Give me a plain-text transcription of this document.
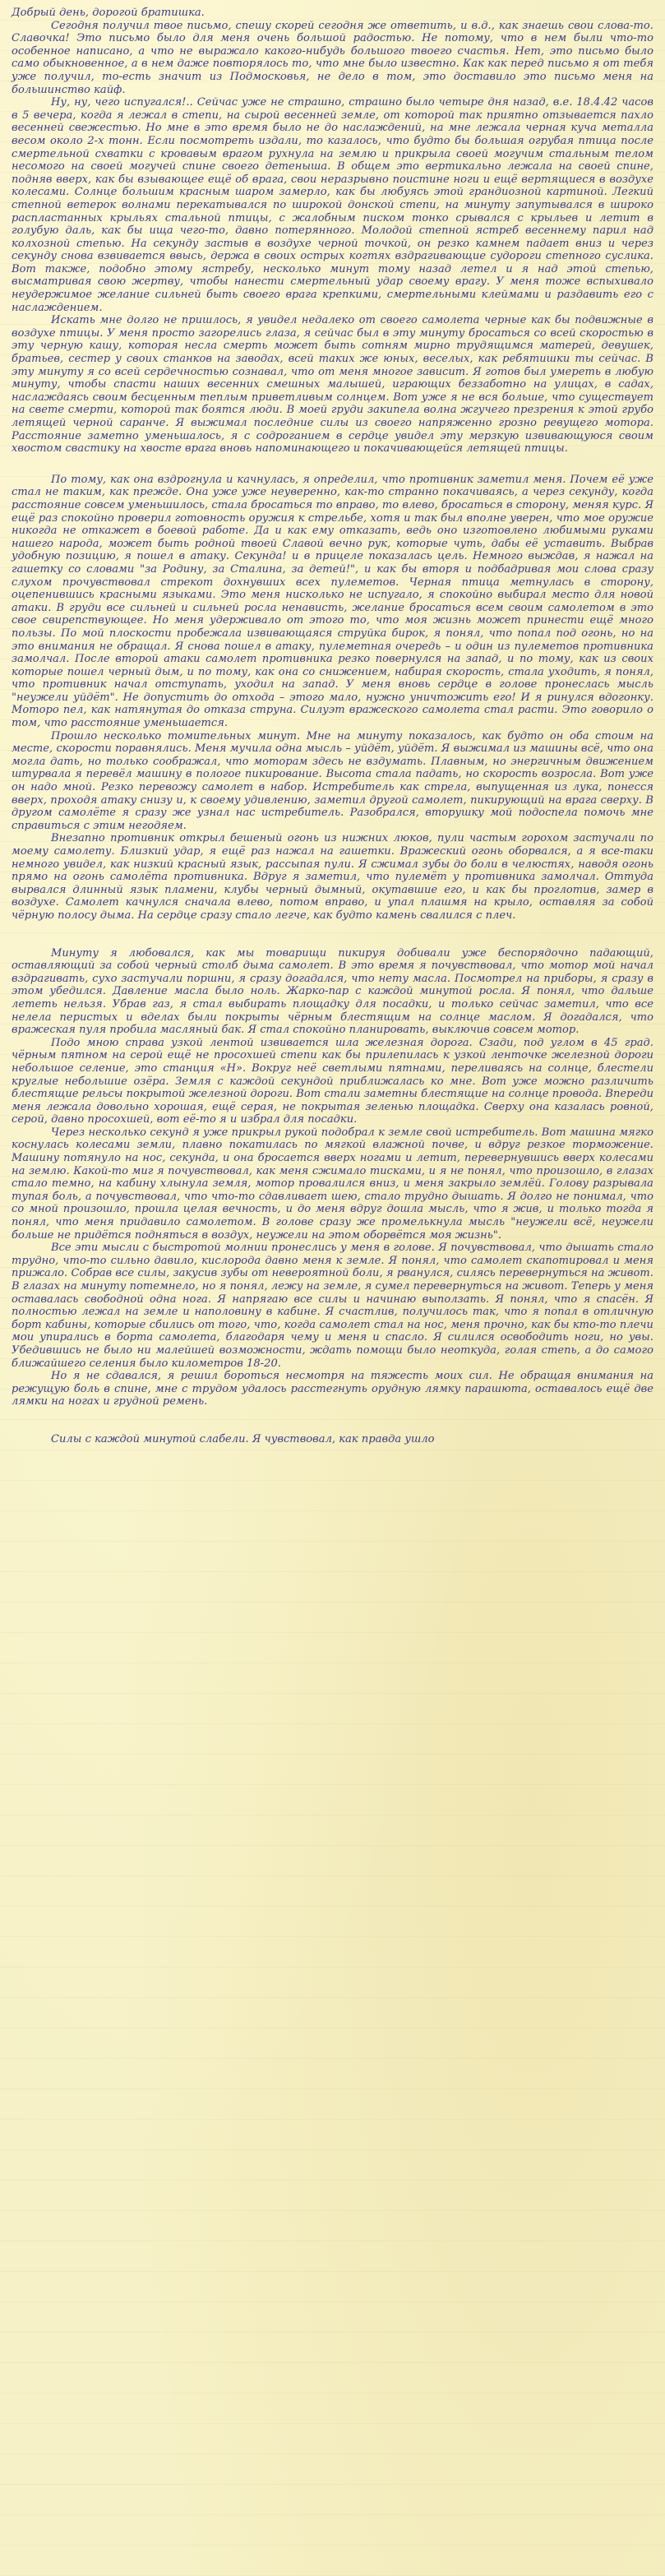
Добрый день, дорогой братишка.

Сегодня получил твое письмо, спешу скорей сегодня же ответить, и в.д., как знаешь свои слова-то. Славочка! Это письмо было для меня очень большой радостью. Не потому, что в нем были что-то особенное написано, а что не выражало какого-нибудь большого твоего счастья. Нет, это письмо было само обыкновенное, а в нем даже повторялось то, что мне было известно. Как как перед письмо я от тебя уже получил, то-есть значит из Подмосковья, не дело в том, это доставило это письмо меня на большинство кайф.

Ну, ну, чего испугался!.. Сейчас уже не страшно, страшно было четыре дня назад, в.е. 18.4.42 часов в 5 вечера, когда я лежал в степи, на сырой весенней земле, от которой так приятно отзывается пахло весенней свежестью. Но мне в это время было не до наслаждений, на мне лежала черная куча металла весом около 2-х тонн. Если посмотреть издали, то казалось, что будто бы большая огрубая птица после смертельной схватки с кровавым врагом рухнула на землю и прикрыла своей могучим стальным телом несомого на своей могучей спине своего детеныша. В общем это вертикально лежала на своей спине, подняв вверх, как бы взывающее ещё об врага, свои неразрывно поистине ноги и ещё вертящиеся в воздухе колесами. Солнце большим красным шаром замерло, как бы любуясь этой грандиозной картиной. Легкий степной ветерок волнами перекатывался по широкой донской степи, на минуту запутывался в широко распластанных крыльях стальной птицы, с жалобным писком тонко срывался с крыльев и летит в голубую даль, как бы ища чего-то, давно потерянного. Молодой степной ястреб весеннему парил над колхозной степью. На секунду застыв в воздухе черной точкой, он резко камнем падает вниз и через секунду снова взвивается ввысь, держа в своих острых когтях вздрагивающие судороги степного суслика. Вот также, подобно этому ястребу, несколько минут тому назад летел и я над этой степью, высматривая свою жертву, чтобы нанести смертельный удар своему врагу. У меня тоже вспыхивало неудержимое желание сильней быть своего врага крепкими, смертельными клеймами и раздавить его с наслаждением.

Искать мне долго не пришлось, я увидел недалеко от своего самолета черные как бы подвижные в воздухе птицы. У меня просто загорелись глаза, я сейчас был в эту минуту бросаться со всей скоростью в эту черную кашу, которая несла смерть может быть сотням мирно трудящимся матерей, девушек, братьев, сестер у своих станков на заводах, всей таких же юных, веселых, как ребятишки ты сейчас. В эту минуту я со всей сердечностью сознавал, что от меня многое зависит. Я готов был умереть в любую минуту, чтобы спасти наших весенних смешных малышей, играющих беззаботно на улицах, в садах, наслаждаясь своим бесценным теплым приветливым солнцем. Вот уже я не вся больше, что существует на свете смерти, которой так боятся люди. В моей груди закипела волна жгучего презрения к этой грубо летящей черной саранче. Я выжимал последние силы из своего напряженно грозно ревущего мотора. Расстояние заметно уменьшалось, я с содроганием в сердце увидел эту мерзкую извивающуюся своим хвостом свастику на хвосте врага вновь напоминающего и покачивающейся летящей птицы.

По тому, как она вздрогнула и качнулась, я определил, что противник заметил меня. Почем её уже стал не таким, как прежде. Она уже уже неуверенно, как-то странно покачиваясь, а через секунду, когда расстояние совсем уменьшилось, стала бросаться то вправо, то влево, бросаться в сторону, меняя курс. Я ещё раз спокойно проверил готовность оружия к стрельбе, хотя и так был вполне уверен, что мое оружие никогда не откажет в боевой работе. Да и как ему отказать, ведь оно изготовлено любимыми руками нашего народа, может быть родной твоей Славой вечно рук, которые чуть, дабы её уставить. Выбрав удобную позицию, я пошел в атаку. Секунда! и в прицеле показалась цель. Немного выждав, я нажал на гашетку со словами "за Родину, за Сталина, за детей!", и как бы вторя и подбадривая мои слова сразу слухом прочувствовал стрекот дохнувших всех пулеметов. Черная птица метнулась в сторону, оцепенившись красными языками. Это меня нисколько не испугало, я спокойно выбирал место для новой атаки. В груди все сильней и сильней росла ненависть, желание бросаться всем своим самолетом в это свое свирепствующее. Но меня удерживало от этого то, что моя жизнь может принести ещё много пользы. По мой плоскости пробежала извивающаяся струйка бирок, я понял, что попал под огонь, но на это внимания не обращал. Я снова пошел в атаку, пулеметная очередь – и один из пулеметов противника замолчал. После второй атаки самолет противника резко повернулся на запад, и по тому, как из своих которые пошел черный дым, и по тому, как она со снижением, набирая скорость, стала уходить, я понял, что противник начал отступать, уходил на запад. У меня вновь сердце в голове пронеслась мысль "неужели уйдёт". Не допустить до отхода – этого мало, нужно уничтожить его! И я ринулся вдогонку. Моторо пел, как натянутая до отказа струна. Силуэт вражеского самолета стал расти. Это говорило о том, что расстояние уменьшается.

Прошло несколько томительных минут. Мне на минуту показалось, как будто он оба стоим на месте, скорости поравнялись. Меня мучила одна мысль – уйдёт, уйдёт. Я выжимал из машины всё, что она могла дать, но только соображал, что моторам здесь не вздумать. Плавным, но энергичным движением штурвала я перевёл машину в пологое пикирование. Высота стала падать, но скорость возросла. Вот уже он надо мной. Резко перевожу самолет в набор. Истребитель как стрела, выпущенная из лука, понесся вверх, проходя атаку снизу и, к своему удивлению, заметил другой самолет, пикирующий на врага сверху. В другом самолёте я сразу же узнал нас истребитель. Разобрался, вторушку мой подоспела помочь мне справиться с этим негодяем.

Внезапно противник открыл бешеный огонь из нижних люков, пули частым горохом застучали по моему самолету. Близкий удар, я ещё раз нажал на гашетки. Вражеский огонь оборвался, а я все-таки немного увидел, как низкий красный язык, рассыпая пули. Я сжимал зубы до боли в челюстях, наводя огонь прямо на огонь самолёта противника. Вдруг я заметил, что пулемёт у противника замолчал. Оттуда вырвался длинный язык пламени, клубы черный дымный, окутавшие его, и как бы проглотив, замер в воздухе. Самолет качнулся сначала влево, потом вправо, и упал плашмя на крыло, оставляя за собой чёрную полосу дыма. На сердце сразу стало легче, как будто камень свалился с плеч.

Минуту я любовался, как мы товарищи пикируя добивали уже беспорядочно падающий, оставляющий за собой черный столб дыма самолет. В это время я почувствовал, что мотор мой начал вздрагивать, сухо застучали поршни, я сразу догадался, что нету масла. Посмотрел на приборы, я сразу в этом убедился. Давление масла было ноль. Жарко-пар с каждой минутой росла. Я понял, что дальше лететь нельзя. Убрав газ, я стал выбирать площадку для посадки, и только сейчас заметил, что все нелела перистых и вделах были покрыты чёрным блестящим на солнце маслом. Я догадался, что вражеская пуля пробила масляный бак. Я стал спокойно планировать, выключив совсем мотор.

Подо мною справа узкой лентой извивается шла железная дорога. Сзади, под углом в 45 град. чёрным пятном на серой ещё не просохшей степи как бы прилепилась к узкой ленточке железной дороги небольшое селение, это станция «Н». Вокруг неё светлыми пятнами, переливаясь на солнце, блестели круглые небольшие озёра. Земля с каждой секундой приближалась ко мне. Вот уже можно различить блестящие рельсы покрытой железной дороги. Вот стали заметны блестящие на солнце провода. Впереди меня лежала довольно хорошая, ещё серая, не покрытая зеленью площадка. Сверху она казалась ровной, серой, давно просохшей, вот её-то я и избрал для посадки.

Через несколько секунд я уже прикрыл рукой подобрал к земле свой истребитель. Вот машина мягко коснулась колесами земли, плавно покатилась по мягкой влажной почве, и вдруг резкое торможение. Машину потянуло на нос, секунда, и она бросается вверх ногами и летит, перевернувшись вверх колесами на землю. Какой-то миг я почувствовал, как меня сжимало тисками, и я не понял, что произошло, в глазах стало темно, на кабину хлынула земля, мотор провалился вниз, и меня закрыло землёй. Голову разрывала тупая боль, а почувствовал, что что-то сдавливает шею, стало трудно дышать. Я долго не понимал, что со мной произошло, прошла целая вечность, и до меня вдруг дошла мысль, что я жив, и только тогда я понял, что меня придавило самолетом. В голове сразу же промелькнула мысль "неужели всё, неужели больше не придётся подняться в воздух, неужели на этом оборвётся моя жизнь".

Все эти мысли с быстротой молнии пронеслись у меня в голове. Я почувствовал, что дышать стало трудно, что-то сильно давило, кислорода давно меня к земле. Я понял, что самолет скапотировал и меня прижало. Собрав все силы, закусив зубы от невероятной боли, я рванулся, силясь перевернуться на живот. В глазах на минуту потемнело, но я понял, лежу на земле, я сумел перевернуться на живот. Теперь у меня оставалась свободной одна нога. Я напрягаю все силы и начинаю выползать. Я понял, что я спасён. Я полностью лежал на земле и наполовину в кабине. Я счастлив, получилось так, что я попал в отличную борт кабины, которые сбились от того, что, когда самолет стал на нос, меня прочно, как бы кто-то плечи мои упирались в борта самолета, благодаря чему и меня и спасло. Я силился освободить ноги, но увы. Убедившись не было ни малейшей возможности, ждать помощи было неоткуда, голая степь, а до самого ближайшего селения было километров 18-20.

Но я не сдавался, я решил бороться несмотря на тяжесть моих сил. Не обращая внимания на режущую боль в спине, мне с трудом удалось расстегнуть орудную лямку парашюта, оставалось ещё две лямки на ногах и грудной ремень.

Силы с каждой минутой слабели. Я чувствовал, как правда ушло
